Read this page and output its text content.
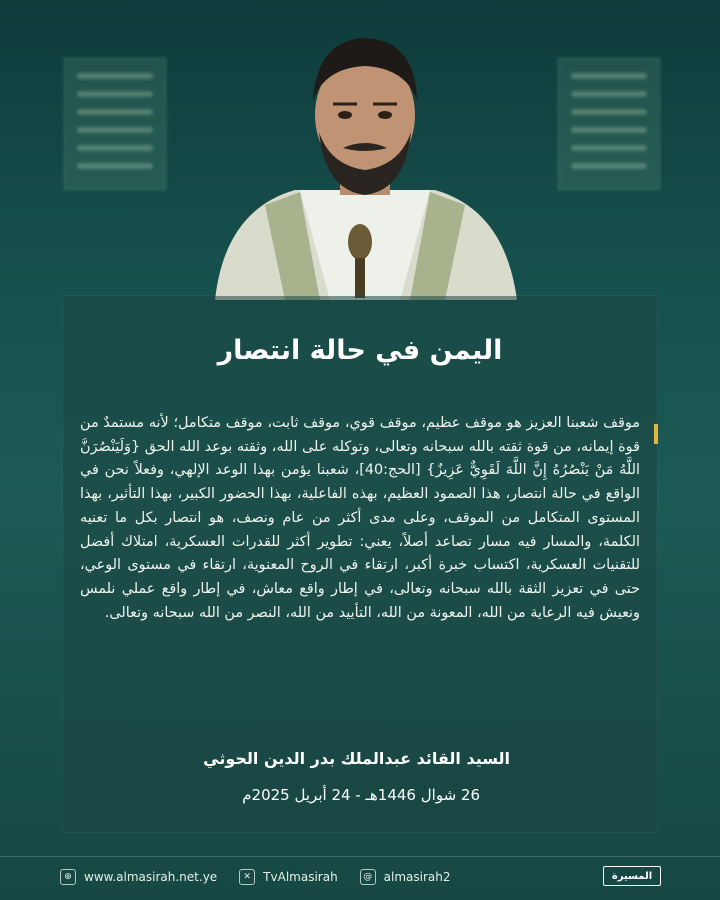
اليمن في حالة انتصار
موقف شعبنا العزيز هو موقف عظيم، موقف قوي، موقف ثابت، موقف متكامل؛ لأنه مستمدٌ من قوة إيمانه، من قوة ثقته بالله سبحانه وتعالى، وتوكله على الله، وثقته بوعد الله الحق {وَلَيَنْصُرَنَّ اللَّهُ مَنْ يَنْصُرُهُ إِنَّ اللَّهَ لَقَوِيٌّ عَزِيزٌ} [الحج:40]، شعبنا يؤمن بهذا الوعد الإلهي، وفعلاً نحن في الواقع في حالة انتصار، هذا الصمود العظيم، بهذه الفاعلية، بهذا الحضور الكبير، بهذا التأثير، بهذا المستوى المتكامل من الموقف، وعلى مدى أكثر من عام ونصف، هو انتصار بكل ما تعنيه الكلمة، والمسار فيه مسار تصاعد أصلاً، يعني: تطوير أكثر للقدرات العسكرية، امتلاك أفضل للتقنيات العسكرية، اكتساب خبرة أكبر، ارتقاء في الروح المعنوية، ارتقاء في مستوى الوعي، حتى في تعزيز الثقة بالله سبحانه وتعالى، في إطار واقع معاش، في إطار واقع عملي نلمس ونعيش فيه الرعاية من الله، المعونة من الله، التأييد من الله، النصر من الله سبحانه وتعالى.
السيد القائد عبدالملك بدر الدين الحوثي
26 شوال 1446هـ - 24 أبريل 2025م
⊕	www.almasirah.net.ye	✕	TvAlmasirah	@ almasirah2	المسيرة
